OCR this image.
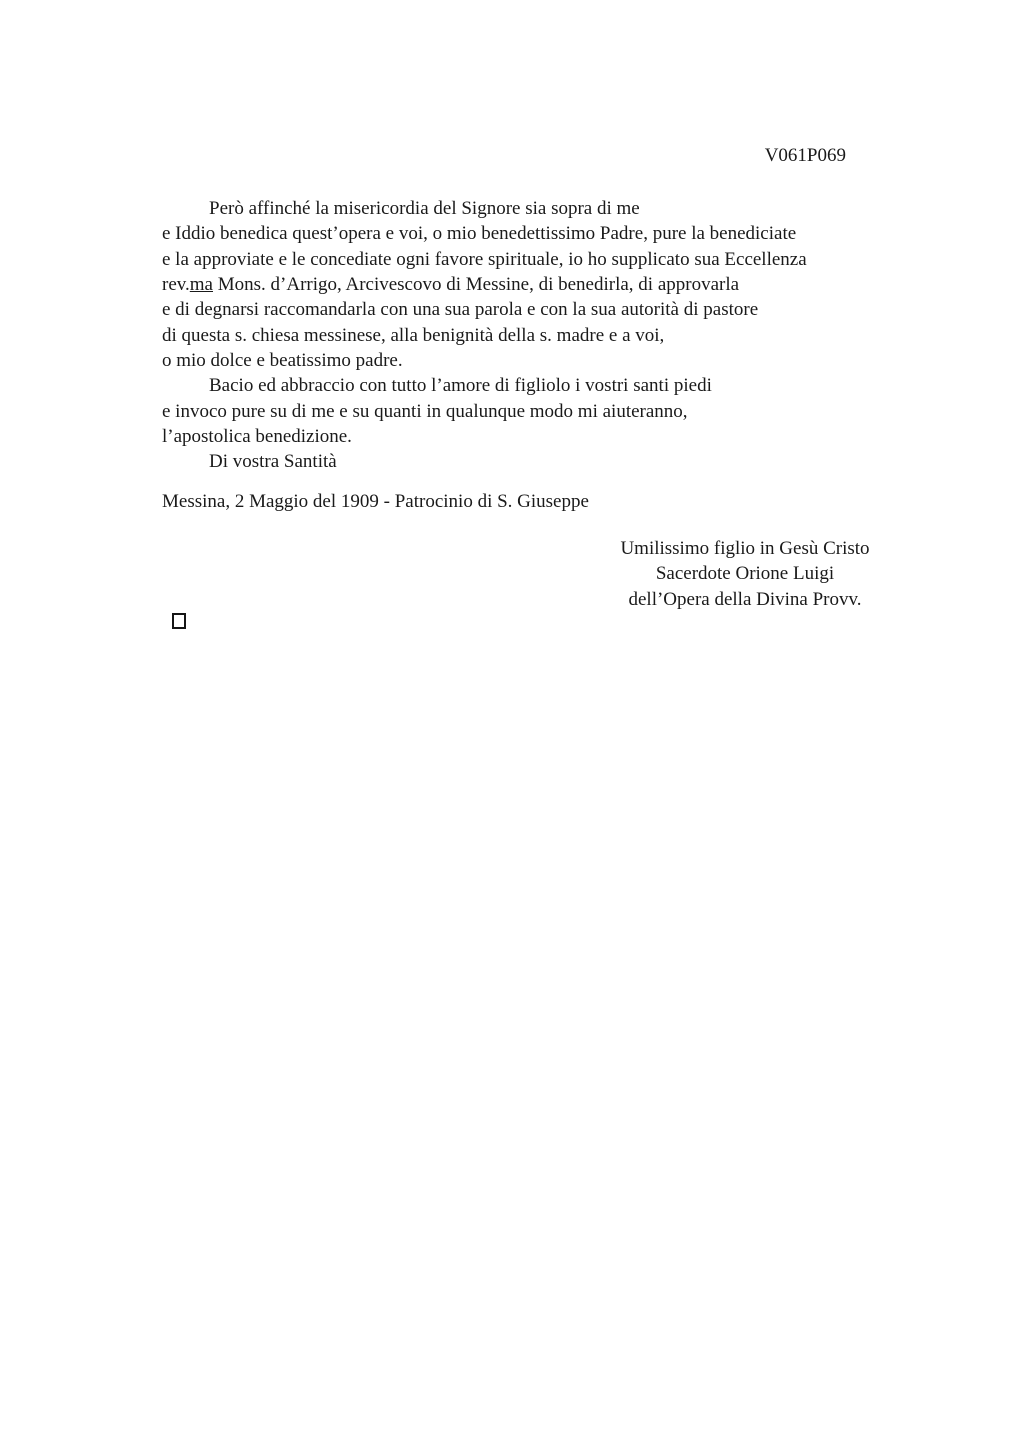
V061P069
Però affinché la misericordia del Signore sia sopra di me
e Iddio benedica quest’opera e voi, o mio benedettissimo Padre, pure la benediciate
e la approviate e le concediate ogni favore spirituale, io ho supplicato sua Eccellenza
rev.ma Mons. d’Arrigo, Arcivescovo di Messine, di benedirla, di approvarla
e di degnarsi raccomandarla con una sua parola e con la sua autorità di pastore
di questa s. chiesa messinese, alla benignità della s. madre e a voi,
o mio dolce e beatissimo padre.
Bacio ed abbraccio con tutto l’amore di figliolo i vostri santi piedi
e invoco pure su di me e su quanti in qualunque modo mi aiuteranno,
l’apostolica benedizione.
Di vostra Santità
Messina, 2 Maggio del 1909 - Patrocinio di S. Giuseppe
Umilissimo figlio in Gesù Cristo
Sacerdote Orione Luigi
dell’Opera della Divina Provv.
